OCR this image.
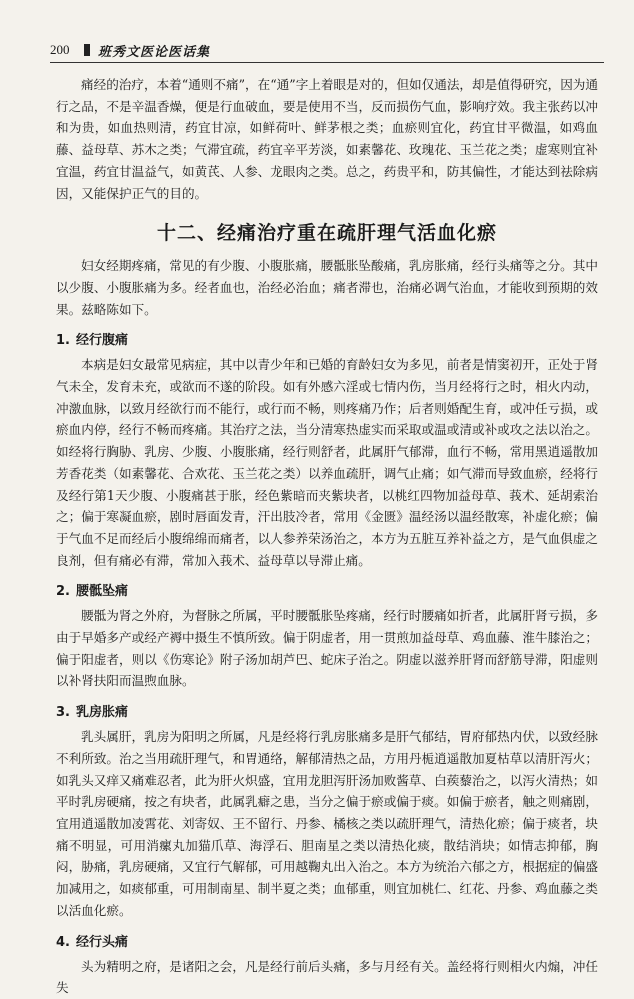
200 班秀文医论医话集

痛经的治疗，本着“通则不痛”，在“通”字上着眼是对的，但如仅通法，却是值得研究，因为通行之品，不是辛温香燥，便是行血破血，要是使用不当，反而损伤气血，影响疗效。我主张药以冲和为贵，如血热则清，药宜甘凉，如鲜荷叶、鲜茅根之类；血瘀则宜化，药宜甘平微温，如鸡血藤、益母草、苏木之类；气滞宜疏，药宜辛平芳淡，如素馨花、玫瑰花、玉兰花之类；虚寒则宜补宜温，药宜甘温益气，如黄芪、人参、龙眼肉之类。总之，药贵平和，防其偏性，才能达到祛除病因，又能保护正气的目的。

十二、经痛治疗重在疏肝理气活血化瘀

妇女经期疼痛，常见的有少腹、小腹胀痛，腰骶胀坠酸痛，乳房胀痛，经行头痛等之分。其中以少腹、小腹胀痛为多。经者血也，治经必治血；痛者滞也，治痛必调气治血，才能收到预期的效果。兹略陈如下。

1. 经行腹痛

本病是妇女最常见病症，其中以青少年和已婚的育龄妇女为多见，前者是情窦初开，正处于肾气未全，发育未充，或欲而不遂的阶段。如有外感六淫或七情内伤，当月经将行之时，相火内动，冲激血脉，以致月经欲行而不能行，或行而不畅，则疼痛乃作；后者则婚配生育，或冲任亏损，或瘀血内停，经行不畅而疼痛。其治疗之法，当分清寒热虚实而采取或温或清或补或攻之法以治之。如经将行胸胁、乳房、少腹、小腹胀痛，经行则舒者，此属肝气郁滞，血行不畅，常用黑逍遥散加芳香花类（如素馨花、合欢花、玉兰花之类）以养血疏肝，调气止痛；如气滞而导致血瘀，经将行及经行第1天少腹、小腹痛甚于胀，经色紫暗而夹紫块者，以桃红四物加益母草、莪术、延胡索治之；偏于寒凝血瘀，剧时唇面发青，汗出肢冷者，常用《金匮》温经汤以温经散寒，补虚化瘀；偏于气血不足而经后小腹绵绵而痛者，以人参养荣汤治之，本方为五脏互养补益之方，是气血俱虚之良剂，但有痛必有滞，常加入莪术、益母草以导滞止痛。

2. 腰骶坠痛

腰骶为肾之外府，为督脉之所属，平时腰骶胀坠疼痛，经行时腰痛如折者，此属肝肾亏损，多由于早婚多产或经产褥中摄生不慎所致。偏于阴虚者，用一贯煎加益母草、鸡血藤、淮牛膝治之；偏于阳虚者，则以《伤寒论》附子汤加胡芦巴、蛇床子治之。阴虚以滋养肝肾而舒筋导滞，阳虚则以补肾扶阳而温煦血脉。

3. 乳房胀痛

乳头属肝，乳房为阳明之所属，凡是经将行乳房胀痛多是肝气郁结，胃府郁热内伏，以致经脉不利所致。治之当用疏肝理气，和胃通络，解郁清热之品，方用丹栀逍遥散加夏枯草以清肝泻火；如乳头又痒又痛难忍者，此为肝火炽盛，宜用龙胆泻肝汤加败酱草、白蒺藜治之，以泻火清热；如平时乳房硬痛，按之有块者，此属乳癖之患，当分之偏于瘀或偏于痰。如偏于瘀者，触之则痛剧，宜用逍遥散加凌霄花、刘寄奴、王不留行、丹参、橘核之类以疏肝理气，清热化瘀；偏于痰者，块痛不明显，可用消瘰丸加猫爪草、海浮石、胆南星之类以清热化痰，散结消块；如情志抑郁，胸闷，胁痛，乳房硬痛，又宜行气解郁，可用越鞠丸出入治之。本方为统治六郁之方，根据症的偏盛加减用之，如痰郁重，可用制南星、制半夏之类；血郁重，则宜加桃仁、红花、丹参、鸡血藤之类以活血化瘀。

4. 经行头痛

头为精明之府，是诸阳之会，凡是经行前后头痛，多与月经有关。盖经将行则相火内煽，冲任失
